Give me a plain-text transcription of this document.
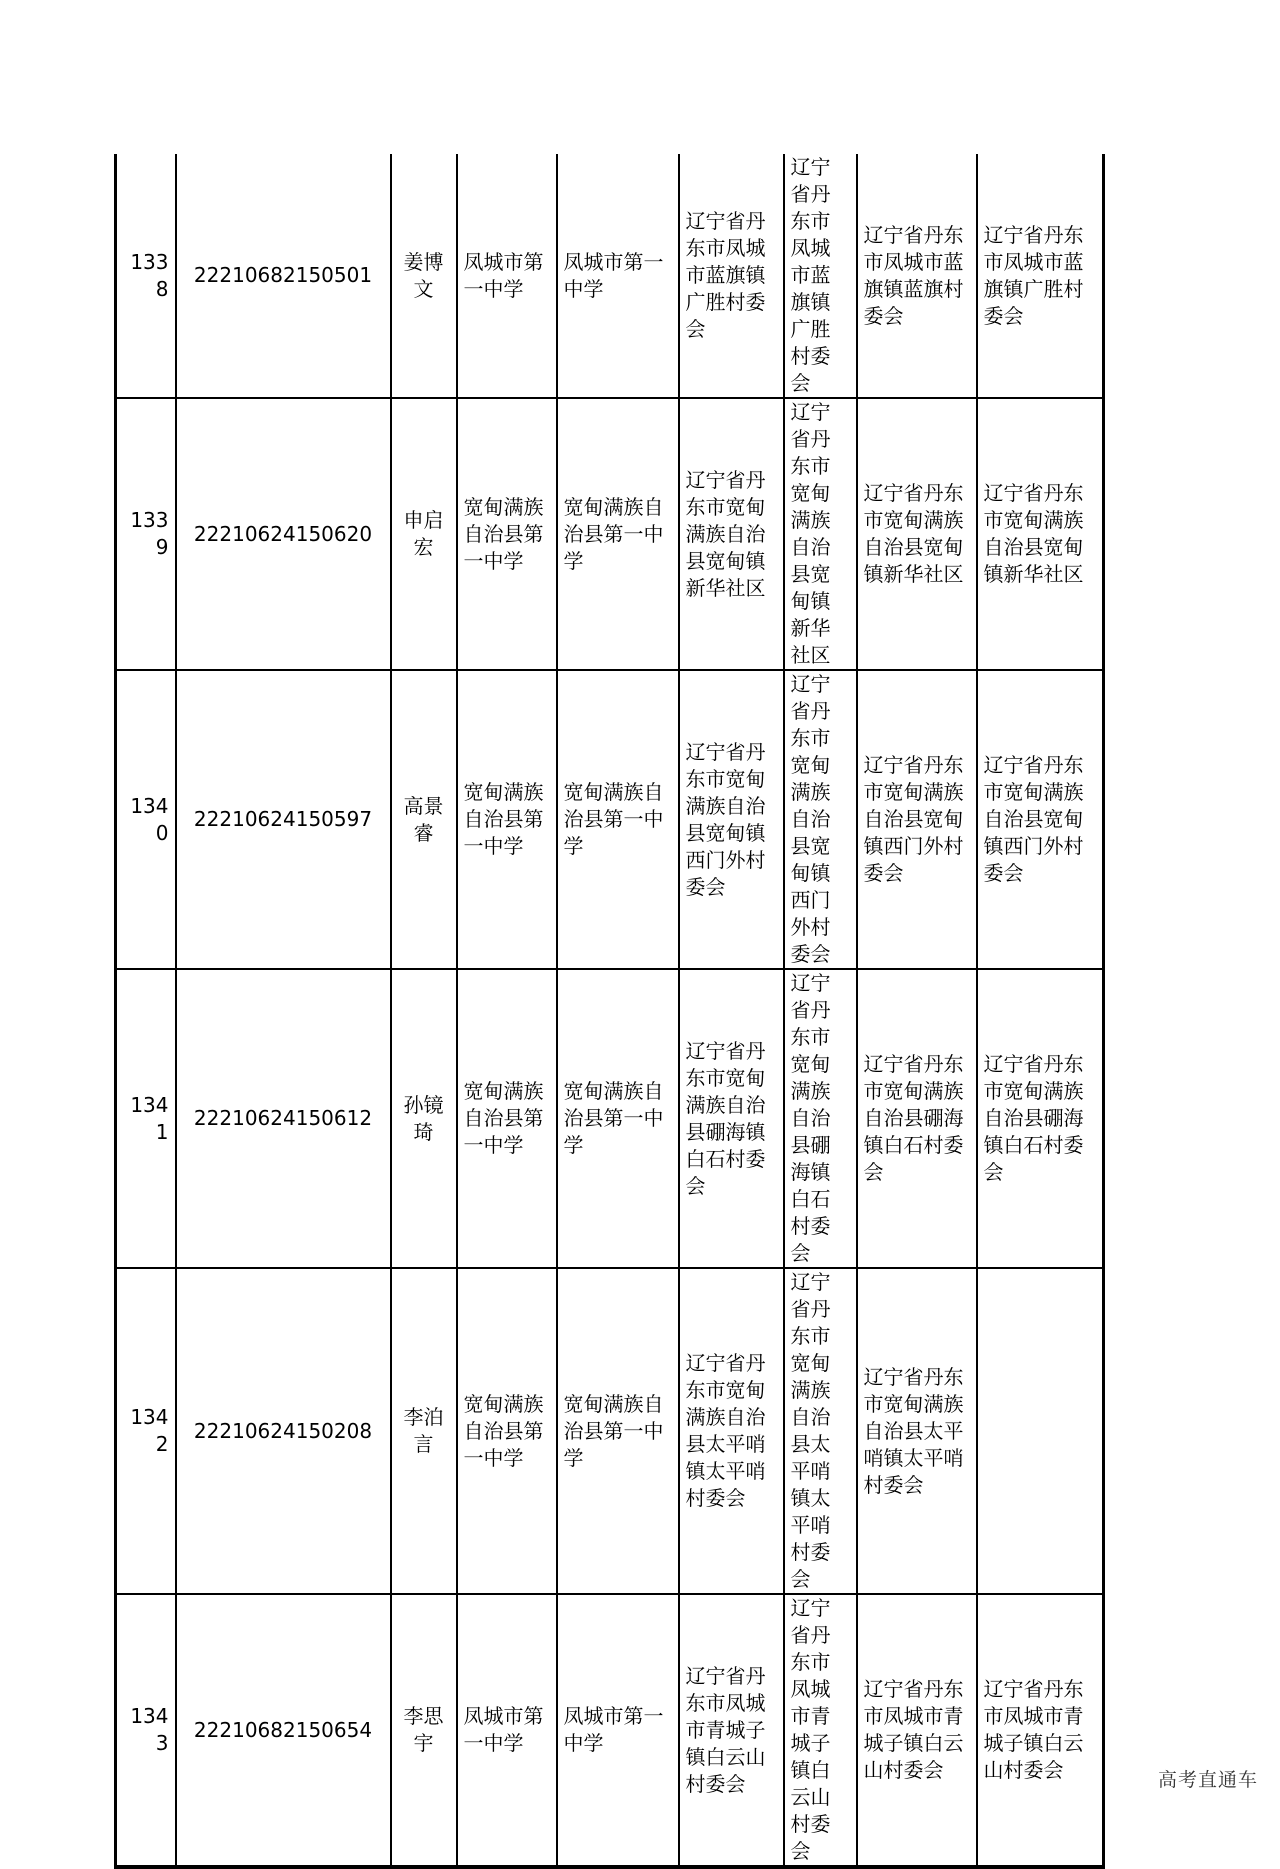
1338	22210682150501	姜博文	凤城市第一中学	凤城市第一中学	辽宁省丹东市凤城市蓝旗镇广胜村委会	辽宁省丹东市凤城市蓝旗镇广胜村委会	辽宁省丹东市凤城市蓝旗镇蓝旗村委会	辽宁省丹东市凤城市蓝旗镇广胜村委会
1339	22210624150620	申启宏	宽甸满族自治县第一中学	宽甸满族自治县第一中学	辽宁省丹东市宽甸满族自治县宽甸镇新华社区	辽宁省丹东市宽甸满族自治县宽甸镇新华社区	辽宁省丹东市宽甸满族自治县宽甸镇新华社区	辽宁省丹东市宽甸满族自治县宽甸镇新华社区
1340	22210624150597	高景睿	宽甸满族自治县第一中学	宽甸满族自治县第一中学	辽宁省丹东市宽甸满族自治县宽甸镇西门外村委会	辽宁省丹东市宽甸满族自治县宽甸镇西门外村委会	辽宁省丹东市宽甸满族自治县宽甸镇西门外村委会	辽宁省丹东市宽甸满族自治县宽甸镇西门外村委会
1341	22210624150612	孙镜琦	宽甸满族自治县第一中学	宽甸满族自治县第一中学	辽宁省丹东市宽甸满族自治县硼海镇白石村委会	辽宁省丹东市宽甸满族自治县硼海镇白石村委会	辽宁省丹东市宽甸满族自治县硼海镇白石村委会	辽宁省丹东市宽甸满族自治县硼海镇白石村委会
1342	22210624150208	李泊言	宽甸满族自治县第一中学	宽甸满族自治县第一中学	辽宁省丹东市宽甸满族自治县太平哨镇太平哨村委会	辽宁省丹东市宽甸满族自治县太平哨镇太平哨村委会	辽宁省丹东市宽甸满族自治县太平哨镇太平哨村委会	
1343	22210682150654	李思宇	凤城市第一中学	凤城市第一中学	辽宁省丹东市凤城市青城子镇白云山村委会	辽宁省丹东市凤城市青城子镇白云山村委会	辽宁省丹东市凤城市青城子镇白云山村委会	辽宁省丹东市凤城市青城子镇白云山村委会	高考直通车
